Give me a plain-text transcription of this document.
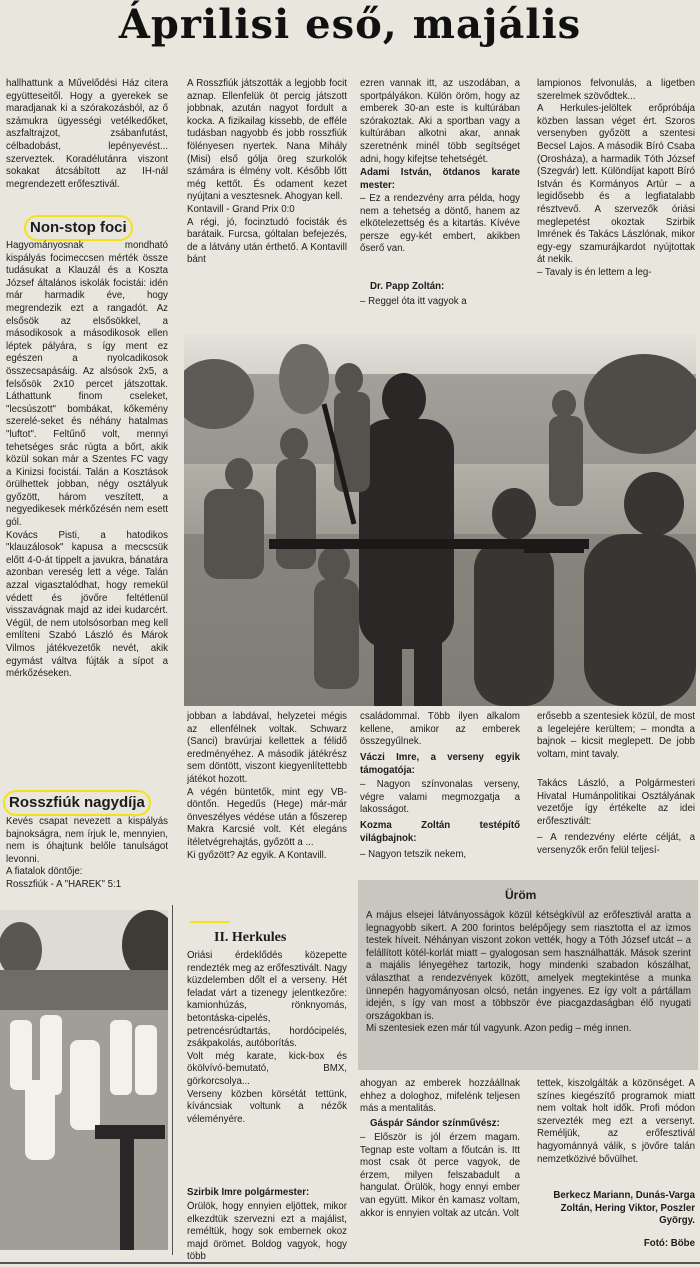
Áprilisi eső, majális
hallhattunk a Művelődési Ház citera együtteseitől. Hogy a gyerekek se maradjanak ki a szórakozásból, az ő számukra ügyességi vetélkedőket, aszfaltrajzot, zsábanfutást, célbadobást, lepényevést... szerveztek. Koradélutánra viszont sokakat átcsábított az IH-nál megrendezett erőfesztivál.
Non-stop foci
Hagyományosnak mondható kispályás focimeccsen mérték össze tudásukat a Klauzál és a Koszta József általános iskolák focistái: idén már harmadik éve, hogy megrendezik ezt a rangadót. Az elsősök az elsősökkel, a másodikosok a másodikosok ellen léptek pályára, s így ment ez egészen a nyolcadikosok összecsapásáig. Az alsósok 2x5, a felsősök 2x10 percet játszottak. Láthattunk finom cseleket, "lecsúszott" bombákat, kőkemény szerelé-seket és néhány hatalmas "luftot". Feltűnő volt, mennyi tehetséges srác rúgta a bőrt, akik közül sokan már a Szentes FC vagy a Kinizsi focistái. Talán a Kosztások örülhettek jobban, négy osztályuk győzött, három veszített, a negyedikesek mérkőzésén nem esett gól.
Kovács Pisti, a hatodikos "klauzálosok" kapusa a mecscsük előtt 4-0-át tippelt a javukra, bánatára azonban vereség lett a vége. Talán azzal vigasztalódhat, hogy remekül védett és jövőre feltétlenül visszavágnak majd az idei kudarcért. Végül, de nem utolsósorban meg kell említeni Szabó László és Márok Vilmos játékvezetők nevét, akik egymást váltva fújták a sípot a mérkőzéseken.
Rosszfiúk nagydíja
Kevés csapat nevezett a kispályás bajnokságra, nem írjuk le, mennyien, nem is óhajtunk belőle tanulságot levonni.
A fiatalok döntője:
Rosszfiúk - A "HAREK" 5:1
A Rosszfiúk játszották a legjobb focit aznap. Ellenfelük öt percig játszott jobbnak, azután nagyot fordult a kocka. A fizikailag kissebb, de efféle tudásban nagyobb és jobb rosszfiúk fölényesen nyertek. Nana Mihály (Misi) első gólja öreg szurkolók számára is élmény volt. Később lőtt még kettőt. És odament kezet nyújtani a vesztesnek. Ahogyan kell.
Kontavill - Grand Prix 0:0
A régi, jó, focinztudó focisták és barátaik. Furcsa, góltalan befejezés, de a látvány után érthető. A Kontavill bánt
ezren vannak itt, az uszodában, a sportpályákon. Külön öröm, hogy az emberek 30-an este is kultúrában szórakoztak. Aki a sportban vagy a kultúrában alkotni akar, annak szeretnénk minél több segítséget adni, hogy kifejtse tehetségét.
Adami István, ötdanos karate mester:
– Ez a rendezvény arra példa, hogy nem a tehetség a döntő, hanem az elkötelezettség és a kitartás. Kívéve persze egy-két embert, akikben őserő van.
Dr. Papp Zoltán:
– Reggel óta itt vagyok a
lampionos felvonulás, a ligetben szerelmek szövődtek...
A Herkules-jelöltek erőpróbája közben lassan véget ért. Szoros versenyben győzött a szentesi Becsel Lajos. A második Bíró Csaba (Orosháza), a harmadik Tóth József (Szegvár) lett. Különdíjat kapott Bíró István és Kormányos Artúr – a legidősebb és a legfiatalabb résztvevő. A szervezők óriási meglepetést okoztak Szirbik Imrének és Takács Lászlónak, mikor egy-egy szamurájkardot nyújtottak át nekik.
– Tavaly is én lettem a leg-
jobban a labdával, helyzetei mégis az ellenfélnek voltak. Schwarz (Sanci) bravúrjai kellettek a félidő eredményéhez. A második játékrész sem döntött, viszont kiegyenlítettebb játékot hozott.
A végén büntetők, mint egy VB-döntőn. Hegedűs (Hege) már-már önveszélyes védése után a főszerep Makra Karcsié volt. Két elegáns ítéletvégrehajtás, győzött a ...
Ki győzött? Az egyik. A Kontavill.
II. Herkules
Óriási érdeklődés közepette rendezték meg az erőfesztivált. Nagy küzdelemben dőlt el a verseny. Hét feladat várt a tizenegy jelentkezőre: kamionhúzás, rönknyomás, betontáska-cipelés, petrencésrúdtartás, hordócipelés, zsákpakolás, autóborítás.
Volt még karate, kick-box és ökölvívó-bemutató, BMX, görkorcsolya...
Verseny közben körsétát tettünk, kíváncsiak voltunk a nézők véleményére.
Szirbik Imre polgármester:
Örülök, hogy ennyien eljöttek, mikor elkezdtük szervezni ezt a majálist, reméltük, hogy sok embernek okoz majd örömet. Boldog vagyok, hogy több
családommal. Több ilyen alkalom kellene, amikor az emberek összegyűlnek.
Váczi Imre, a verseny egyik támogatója:
– Nagyon színvonalas verseny, végre valami megmozgatja a lakosságot.
Kozma Zoltán testépítő világbajnok:
– Nagyon tetszik nekem,
erősebb a szentesiek közül, de most a legelejére kerültem; – mondta a bajnok – kicsit meglepett. De jobb voltam, mint tavaly.
Takács László, a Polgármesteri Hivatal Humánpolitikai Osztályának vezetője így értékelte az idei erőfesztivált:
– A rendezvény elérte célját, a versenyzők erőn felül teljesí-
Üröm
A május elsejei látványosságok közül kétségkívül az erőfesztivál aratta a legnagyobb sikert. A 200 forintos belépőjegy sem riasztotta el az izmos testek híveit. Néhányan viszont zokon vették, hogy a Tóth József utcát – a felállított kötél-korlát miatt – gyalogosan sem használhatták. Mások szerint a majális lényegéhez tartozik, hogy mindenki szabadon kószálhat, választhat a rendezvények között, amelyek megtekintése a munka ünnepén hagyományosan olcsó, netán ingyenes. Ez így volt a pártállam idején, s így van most a többször éve piacgazdaságban élő nyugati országokban is.
Mi szentesiek ezen már túl vagyunk. Azon pedig – még innen.
ahogyan az emberek hozzáállnak ehhez a dologhoz, mifelénk teljesen más a mentalitás.
Gáspár Sándor színművész:
– Először is jól érzem magam. Tegnap este voltam a főutcán is. Itt most csak öt perce vagyok, de érzem, milyen felszabadult a hangulat. Örülök, hogy ennyi ember van együtt. Mikor én kamasz voltam, akkor is ennyien voltak az utcán. Volt
tettek, kiszolgálták a közönséget. A színes kiegészítő programok miatt nem voltak holt idők. Profi módon szervezték meg ezt a versenyt. Reméljük, az erőfesztivál hagyománnyá válik, s jövőre talán nemzetközivé bővülhet.
Berkecz Mariann, Dunás-Varga Zoltán, Hering Viktor, Poszler György.
Fotó: Böbe
